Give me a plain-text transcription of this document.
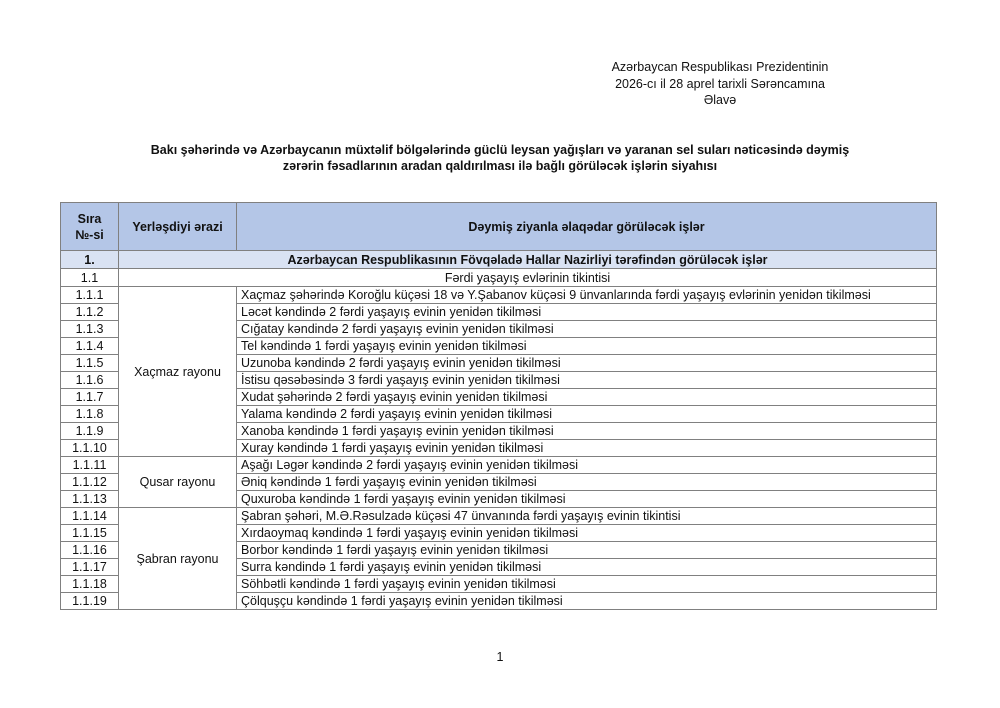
Azərbaycan Respublikası Prezidentinin
2026-cı il 28 aprel tarixli Sərəncamına
Əlavə
Bakı şəhərində və Azərbaycanın müxtəlif bölgələrində güclü leysan yağışları və yaranan sel suları nəticəsində dəymiş
zərərin fəsadlarının aradan qaldırılması ilə bağlı görüləcək işlərin siyahısı
Sıra
№-si	Yerləşdiyi ərazi	Dəymiş ziyanla əlaqədar görüləcək işlər
1.	Azərbaycan Respublikasının Fövqəladə Hallar Nazirliyi tərəfindən görüləcək işlər	
1.1	Fərdi yaşayış evlərinin tikintisi	
1.1.1	Xaçmaz rayonu	Xaçmaz şəhərində Koroğlu küçəsi 18 və Y.Şabanov küçəsi 9 ünvanlarında fərdi yaşayış evlərinin yenidən tikilməsi
1.1.2		Ləcət kəndində 2 fərdi yaşayış evinin yenidən tikilməsi
1.1.3		Cığatay kəndində 2 fərdi yaşayış evinin yenidən tikilməsi
1.1.4		Tel kəndində 1 fərdi yaşayış evinin yenidən tikilməsi
1.1.5		Uzunoba kəndində 2 fərdi yaşayış evinin yenidən tikilməsi
1.1.6		İstisu qəsəbəsində 3 fərdi yaşayış evinin yenidən tikilməsi
1.1.7		Xudat şəhərində 2 fərdi yaşayış evinin yenidən tikilməsi
1.1.8		Yalama kəndində 2 fərdi yaşayış evinin yenidən tikilməsi
1.1.9		Xanoba kəndində 1 fərdi yaşayış evinin yenidən tikilməsi
1.1.10		Xuray kəndində 1 fərdi yaşayış evinin yenidən tikilməsi
1.1.11	Qusar rayonu	Aşağı Ləgər kəndində 2 fərdi yaşayış evinin yenidən tikilməsi
1.1.12		Əniq kəndində 1 fərdi yaşayış evinin yenidən tikilməsi
1.1.13		Quxuroba kəndində 1 fərdi yaşayış evinin yenidən tikilməsi
1.1.14	Şabran rayonu	Şabran şəhəri, M.Ə.Rəsulzadə küçəsi 47 ünvanında fərdi yaşayış evinin tikintisi
1.1.15		Xırdaoymaq kəndində 1 fərdi yaşayış evinin yenidən tikilməsi
1.1.16		Borbor kəndində 1 fərdi yaşayış evinin yenidən tikilməsi
1.1.17		Surra kəndində 1 fərdi yaşayış evinin yenidən tikilməsi
1.1.18		Söhbətli kəndində 1 fərdi yaşayış evinin yenidən tikilməsi
1.1.19		Çölquşçu kəndində 1 fərdi yaşayış evinin yenidən tikilməsi
1
